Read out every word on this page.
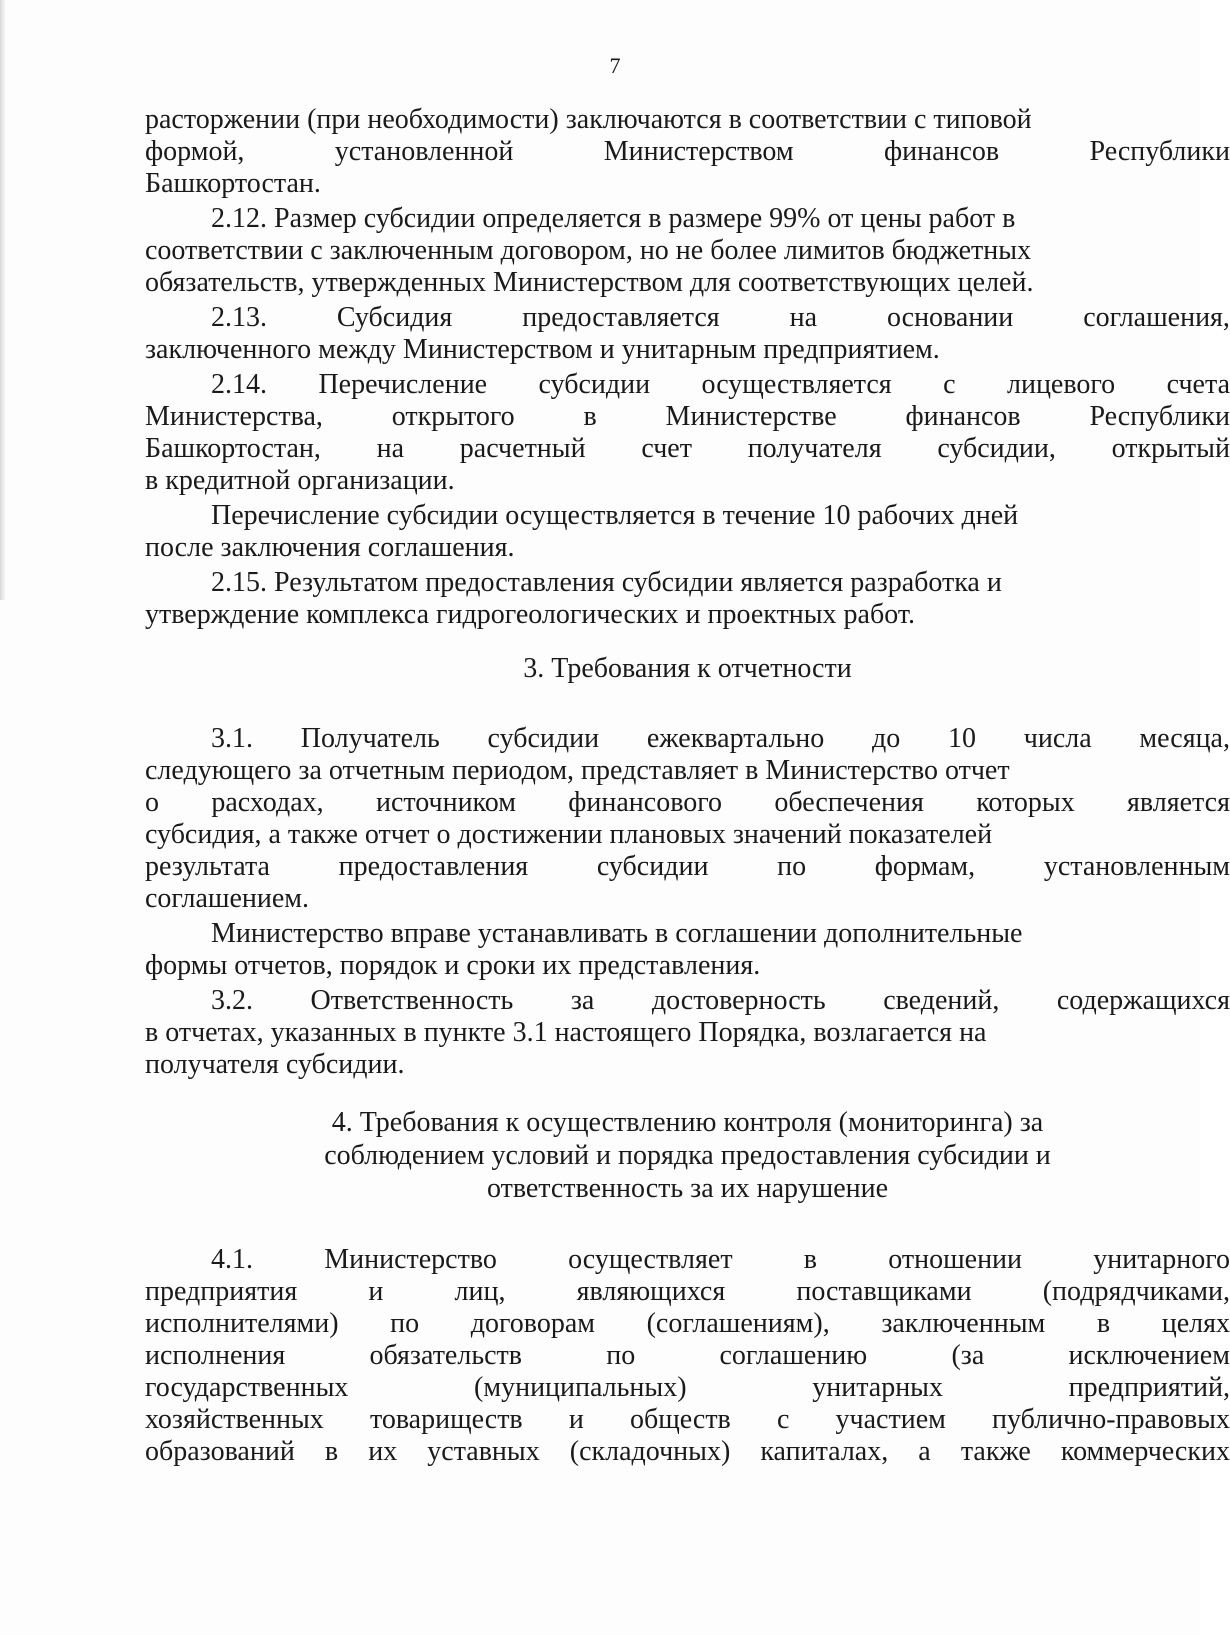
7
расторжении (при необходимости) заключаются в соответствии с типовой
формой,	установленной	Министерством	финансов	Республики
Башкортостан.
2.12. Размер субсидии определяется в размере 99% от цены работ в
соответствии с заключенным договором, но не более лимитов бюджетных
обязательств, утвержденных Министерством для соответствующих целей.
2.13. Субсидия предоставляется на основании соглашения,
заключенного между Министерством и унитарным предприятием.
2.14. Перечисление субсидии осуществляется с лицевого счета
Министерства, открытого в Министерстве финансов Республики
Башкортостан, на расчетный счет получателя субсидии, открытый
в кредитной организации.
Перечисление субсидии осуществляется в течение 10 рабочих дней
после заключения соглашения.
2.15. Результатом предоставления субсидии является разработка и
утверждение комплекса гидрогеологических и проектных работ.
3. Требования к отчетности
3.1. Получатель субсидии ежеквартально до 10 числа месяца,
следующего за отчетным периодом, представляет в Министерство отчет
о расходах, источником финансового обеспечения которых является
субсидия, а также отчет о достижении плановых значений показателей
результата предоставления субсидии по формам, установленным
соглашением.
Министерство вправе устанавливать в соглашении дополнительные
формы отчетов, порядок и сроки их представления.
3.2. Ответственность за достоверность сведений, содержащихся
в отчетах, указанных в пункте 3.1 настоящего Порядка, возлагается на
получателя субсидии.
4. Требования к осуществлению контроля (мониторинга) за
соблюдением условий и порядка предоставления субсидии и
ответственность за их нарушение
4.1.	Министерство	осуществляет	в	отношении	унитарного
предприятия	и	лиц,	являющихся	поставщиками	(подрядчиками,
исполнителями) по договорам (соглашениям), заключенным в целях
исполнения	обязательств	по	соглашению	(за	исключением
государственных	(муниципальных)	унитарных	предприятий,
хозяйственных товариществ и обществ с участием публично-правовых
образований в их уставных (складочных) капиталах, а также коммерческих
